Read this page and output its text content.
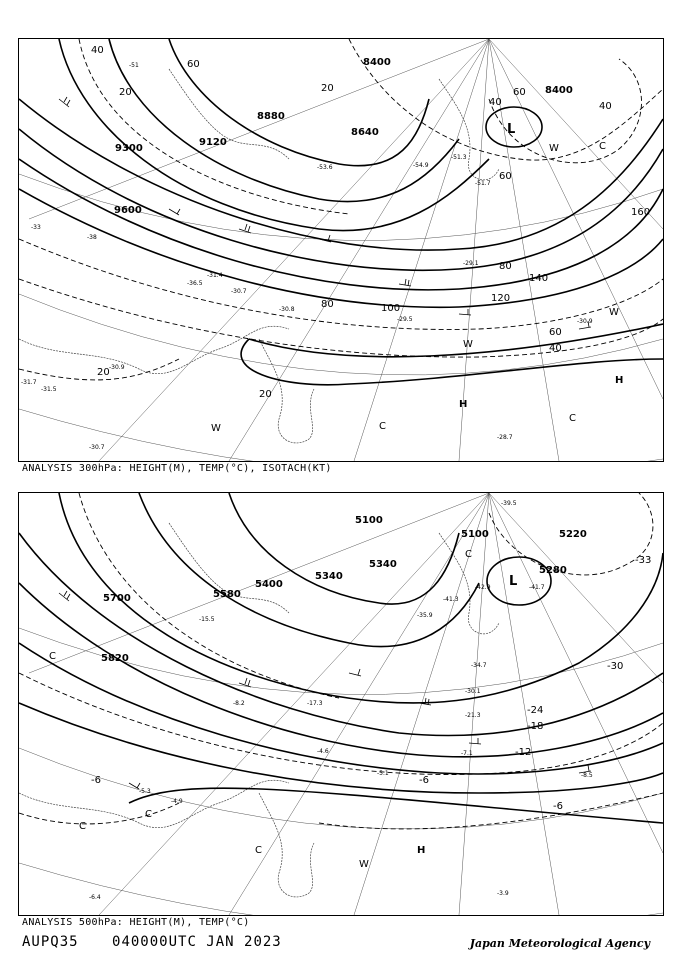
9120
9300
9600
8400
8400
8640
8880
40
20
40
60
80	100
120
140
160
60
40
20
20
20
40
60
60
80
-51
-53.6	-54.9
-51.3
-51.7
-33
-38
-36.5
-31.4
-30.7
-30.8
-29.5
-29.1
-28.7
-30.9
-31.5
-30.9
-31.7
-30.7
L
H
H
C
C
W
W
C
W
W
ANALYSIS 300hPa: HEIGHT(M), TEMP(°C), ISOTACH(KT)
5100
5100
5340
5400
5580
5700
5820
5280
5340
5220
-30
-33
-24
-18
-12
-6
-6	-6
-39.5
-41.7
-42.9
-41.3
-35.9
-34.7
-30.1
-21.3
-17.3
-15.5
-8.2
-7.1
-8.5
-5.1
-4.6
-3.9
-4.9
-5.3
-6.4
L
H
C
C
C
C
W
C
ANALYSIS 500hPa: HEIGHT(M), TEMP(°C)
AUPQ35 040000UTC JAN 2023	Japan Meteorological Agency
